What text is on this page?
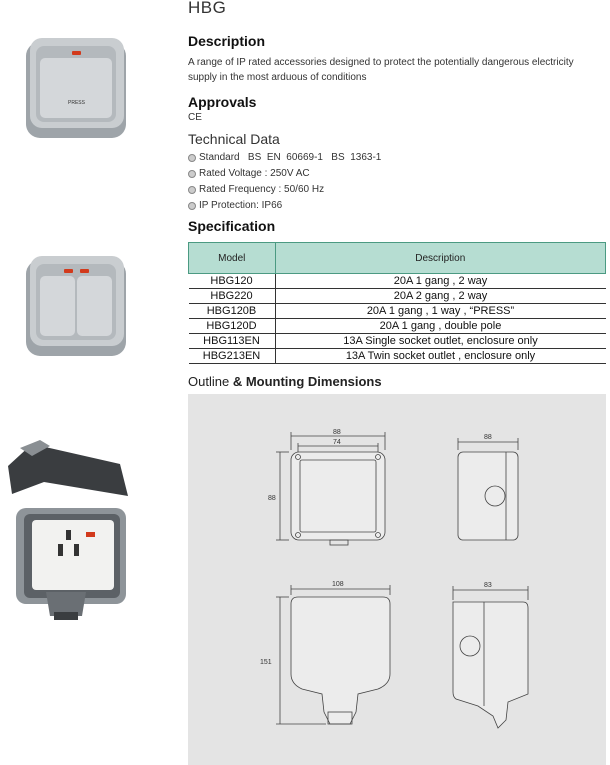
HBG
Description
A range of IP rated accessories designed to protect the potentially dangerous electricity supply in the most arduous of conditions
Approvals
CE
Technical Data
Standard   BS  EN  60669-1   BS  1363-1
Rated Voltage : 250V AC
Rated Frequency : 50/60 Hz
IP Protection: IP66
Specification
Model	Description
HBG120	20A 1 gang , 2 way
HBG220	20A 2 gang , 2 way
HBG120B	20A 1 gang , 1 way , “PRESS”
HBG120D	20A 1 gang , double pole
HBG113EN	13A Single socket outlet, enclosure only
HBG213EN	13A Twin socket outlet , enclosure only
Outline & Mounting Dimensions
88
74
88
88
108
151
83
PRESS
